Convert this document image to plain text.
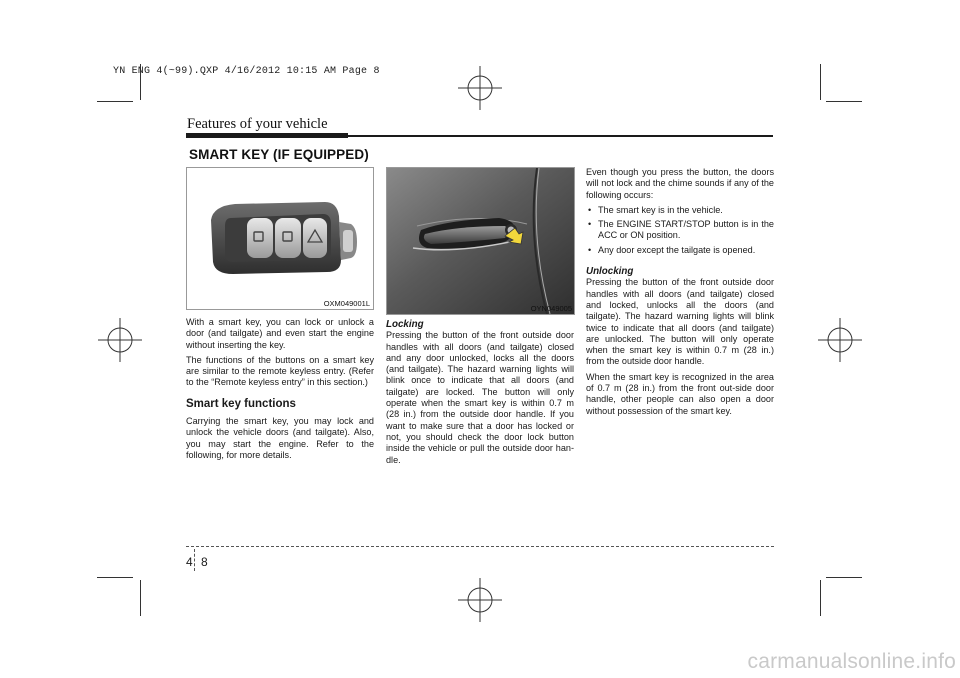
YN ENG 4(~99).QXP 4/16/2012 10:15 AM Page 8
Features of your vehicle
SMART KEY (IF EQUIPPED)
OXM049001L

With a smart key, you can lock or unlock a door (and tailgate) and even start the engine without inserting the key.

The functions of the buttons on a smart key are similar to the remote keyless entry. (Refer to the “Remote keyless entry” in this section.)

Smart key functions

Carrying the smart key, you may lock and unlock the vehicle doors (and tailgate). Also, you may start the engine. Refer to the following, for more details.

OYN049005
Locking

Pressing the button of the front outside door handles with all doors (and tailgate) closed and any door unlocked, locks all the doors (and tailgate). The hazard warning lights will blink once to indicate that all doors (and tailgate) are locked. The button will only operate when the smart key is within 0.7 m (28 in.) from the outside door handle. If you want to make sure that a door has locked or not, you should check the door lock button inside the vehicle or pull the outside door han-dle.

Even though you press the button, the doors will not lock and the chime sounds if any of the following occurs:

• The smart key is in the vehicle.
• The ENGINE START/STOP button is in the ACC or ON position.
• Any door except the tailgate is opened.
Unlocking

Pressing the button of the front outside door handles with all doors (and tailgate) closed and locked, unlocks all the doors (and tailgate). The hazard warning lights will blink twice to indicate that all doors (and tailgate) are unlocked. The button will only operate when the smart key is within 0.7 m (28 in.) from the outside door handle.

When the smart key is recognized in the area of 0.7 m (28 in.) from the front out-side door handle, other people can also open a door without possession of the smart key.

4 8
carmanualsonline.info
